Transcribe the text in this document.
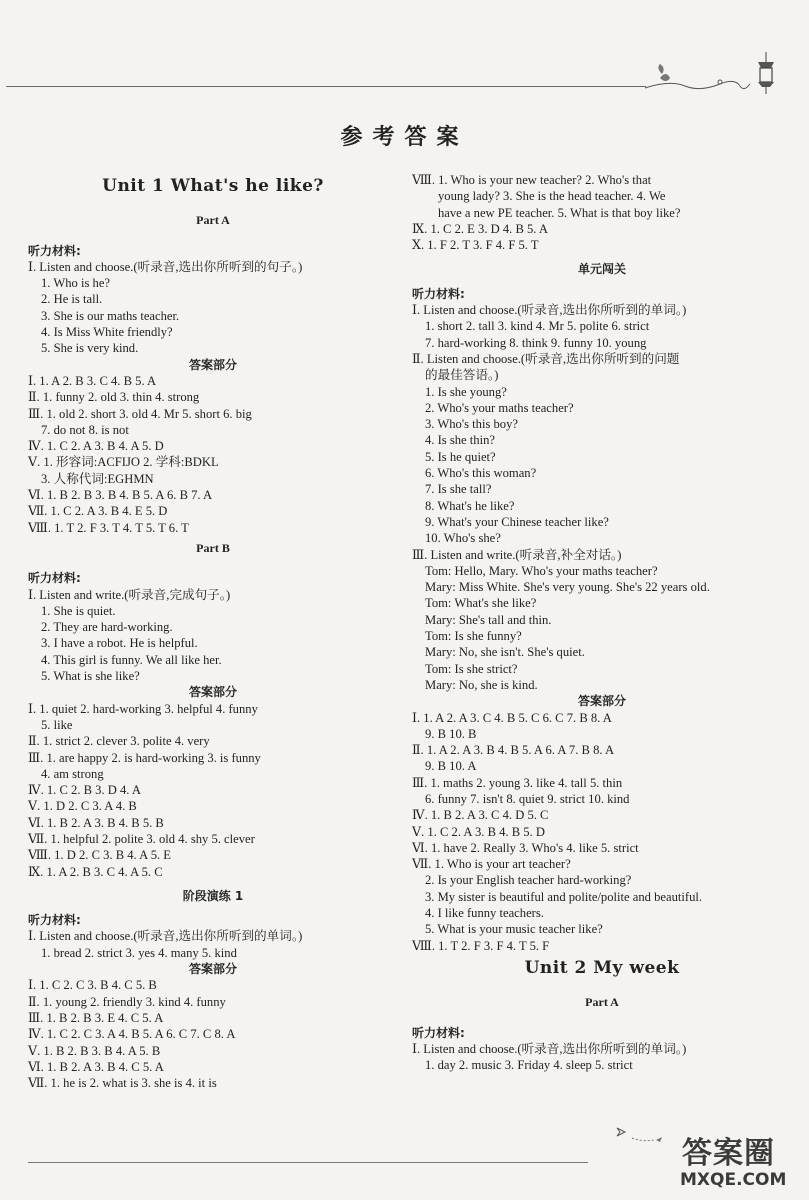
参考答案
Unit 1 What's he like?
Part A
听力材料:
Ⅰ. Listen and choose.(听录音,选出你所听到的句子。)
1. Who is he?
2. He is tall.
3. She is our maths teacher.
4. Is Miss White friendly?
5. She is very kind.
答案部分
Ⅰ. 1. A 2. B 3. C 4. B 5. A
Ⅱ. 1. funny 2. old 3. thin 4. strong
Ⅲ. 1. old 2. short 3. old 4. Mr 5. short 6. big
7. do not 8. is not
Ⅳ. 1. C 2. A 3. B 4. A 5. D
Ⅴ. 1. 形容词:ACFIJO 2. 学科:BDKL
3. 人称代词:EGHMN
Ⅵ. 1. B 2. B 3. B 4. B 5. A 6. B 7. A
Ⅶ. 1. C 2. A 3. B 4. E 5. D
Ⅷ. 1. T 2. F 3. T 4. T 5. T 6. T
Part B
听力材料:
Ⅰ. Listen and write.(听录音,完成句子。)
1. She is quiet.
2. They are hard-working.
3. I have a robot. He is helpful.
4. This girl is funny. We all like her.
5. What is she like?
答案部分
Ⅰ. 1. quiet 2. hard-working 3. helpful 4. funny
5. like
Ⅱ. 1. strict 2. clever 3. polite 4. very
Ⅲ. 1. are happy 2. is hard-working 3. is funny
4. am strong
Ⅳ. 1. C 2. B 3. D 4. A
Ⅴ. 1. D 2. C 3. A 4. B
Ⅵ. 1. B 2. A 3. B 4. B 5. B
Ⅶ. 1. helpful 2. polite 3. old 4. shy 5. clever
Ⅷ. 1. D 2. C 3. B 4. A 5. E
Ⅸ. 1. A 2. B 3. C 4. A 5. C
阶段演练 1
听力材料:
Ⅰ. Listen and choose.(听录音,选出你所听到的单词。)
1. bread 2. strict 3. yes 4. many 5. kind
答案部分
Ⅰ. 1. C 2. C 3. B 4. C 5. B
Ⅱ. 1. young 2. friendly 3. kind 4. funny
Ⅲ. 1. B 2. B 3. E 4. C 5. A
Ⅳ. 1. C 2. C 3. A 4. B 5. A 6. C 7. C 8. A
Ⅴ. 1. B 2. B 3. B 4. A 5. B
Ⅵ. 1. B 2. A 3. B 4. C 5. A
Ⅶ. 1. he is 2. what is 3. she is 4. it is
Ⅷ. 1. Who is your new teacher? 2. Who's that
young lady? 3. She is the head teacher. 4. We
have a new PE teacher. 5. What is that boy like?
Ⅸ. 1. C 2. E 3. D 4. B 5. A
Ⅹ. 1. F 2. T 3. F 4. F 5. T
单元闯关
听力材料:
Ⅰ. Listen and choose.(听录音,选出你所听到的单词。)
1. short 2. tall 3. kind 4. Mr 5. polite 6. strict
7. hard-working 8. think 9. funny 10. young
Ⅱ. Listen and choose.(听录音,选出你所听到的问题
的最佳答语。)
1. Is she young?
2. Who's your maths teacher?
3. Who's this boy?
4. Is she thin?
5. Is he quiet?
6. Who's this woman?
7. Is she tall?
8. What's he like?
9. What's your Chinese teacher like?
10. Who's she?
Ⅲ. Listen and write.(听录音,补全对话。)
Tom: Hello, Mary. Who's your maths teacher?
Mary: Miss White. She's very young. She's 22 years old.
Tom: What's she like?
Mary: She's tall and thin.
Tom: Is she funny?
Mary: No, she isn't. She's quiet.
Tom: Is she strict?
Mary: No, she is kind.
答案部分
Ⅰ. 1. A 2. A 3. C 4. B 5. C 6. C 7. B 8. A
9. B 10. B
Ⅱ. 1. A 2. A 3. B 4. B 5. A 6. A 7. B 8. A
9. B 10. A
Ⅲ. 1. maths 2. young 3. like 4. tall 5. thin
6. funny 7. isn't 8. quiet 9. strict 10. kind
Ⅳ. 1. B 2. A 3. C 4. D 5. C
Ⅴ. 1. C 2. A 3. B 4. B 5. D
Ⅵ. 1. have 2. Really 3. Who's 4. like 5. strict
Ⅶ. 1. Who is your art teacher?
2. Is your English teacher hard-working?
3. My sister is beautiful and polite/polite and beautiful.
4. I like funny teachers.
5. What is your music teacher like?
Ⅷ. 1. T 2. F 3. F 4. T 5. F
Unit 2 My week
Part A
听力材料:
Ⅰ. Listen and choose.(听录音,选出你所听到的单词。)
1. day 2. music 3. Friday 4. sleep 5. strict
答案圈
MXQE.COM
